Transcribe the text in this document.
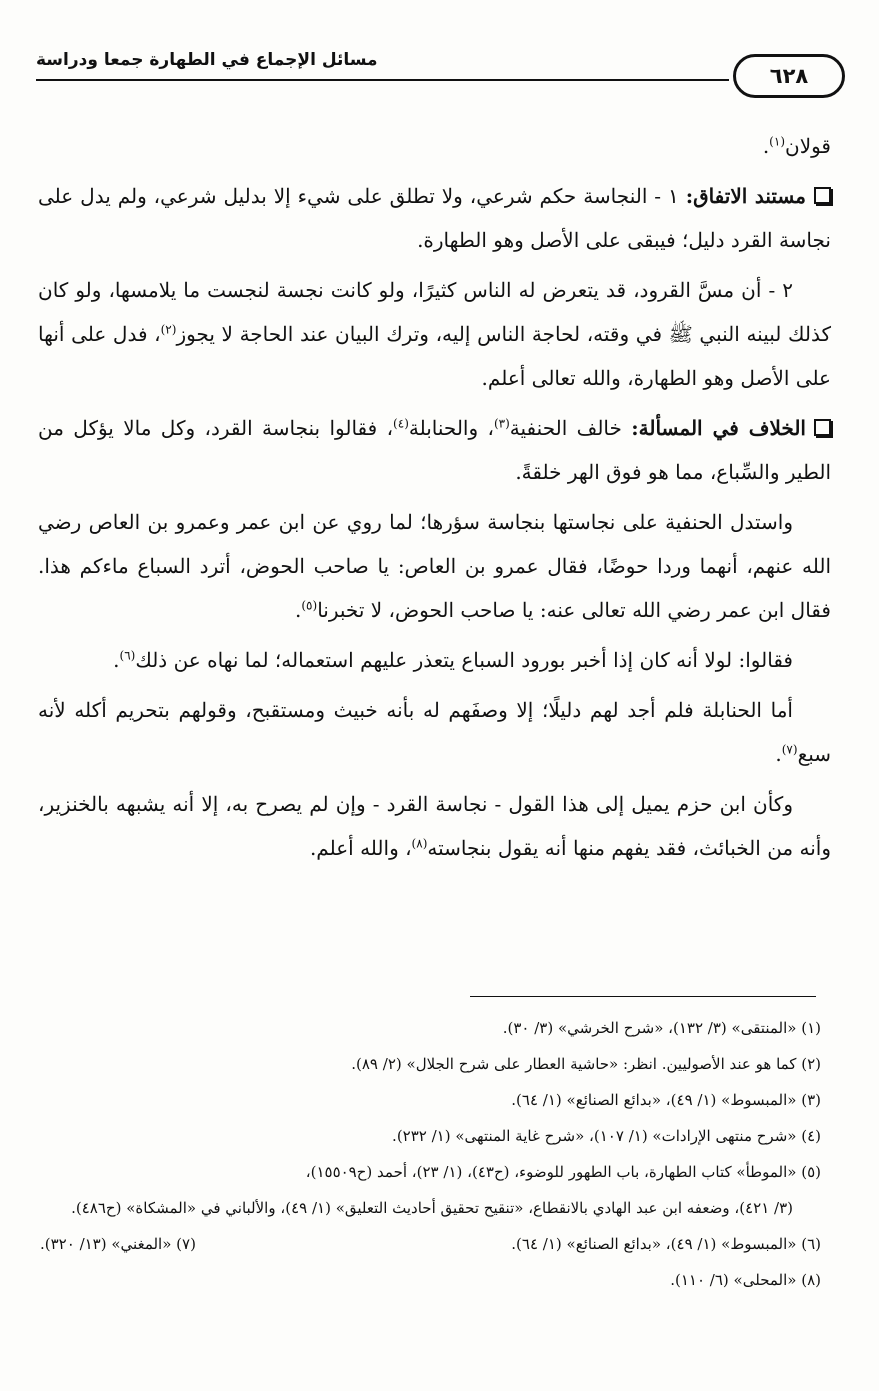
مسائل الإجماع في الطهارة جمعا ودراسة
٦٢٨

قولان$^{(١)}$.

مستند الاتفاق: ١ - النجاسة حكم شرعي، ولا تطلق على شيء إلا بدليل شرعي، ولم يدل على نجاسة القرد دليل؛ فيبقى على الأصل وهو الطهارة.

٢ - أن مسَّ القرود، قد يتعرض له الناس كثيرًا، ولو كانت نجسة لنجست ما يلامسها، ولو كان كذلك لبينه النبي ﷺ في وقته، لحاجة الناس إليه، وترك البيان عند الحاجة لا يجوز$^{(٢)}$، فدل على أنها على الأصل وهو الطهارة، والله تعالى أعلم.

الخلاف في المسألة: خالف الحنفية$^{(٣)}$، والحنابلة$^{(٤)}$، فقالوا بنجاسة القرد، وكل مالا يؤكل من الطير والسِّباع، مما هو فوق الهر خلقةً.

واستدل الحنفية على نجاستها بنجاسة سؤرها؛ لما روي عن ابن عمر وعمرو بن العاص رضي الله عنهم، أنهما وردا حوضًا، فقال عمرو بن العاص: يا صاحب الحوض، أترد السباع ماءكم هذا. فقال ابن عمر رضي الله تعالى عنه: يا صاحب الحوض، لا تخبرنا$^{(٥)}$.

فقالوا: لولا أنه كان إذا أخبر بورود السباع يتعذر عليهم استعماله؛ لما نهاه عن ذلك$^{(٦)}$.

أما الحنابلة فلم أجد لهم دليلًا؛ إلا وصفَهم له بأنه خبيث ومستقبح، وقولهم بتحريم أكله لأنه سبع$^{(٧)}$.

وكأن ابن حزم يميل إلى هذا القول - نجاسة القرد - وإن لم يصرح به، إلا أنه يشبهه بالخنزير، وأنه من الخبائث، فقد يفهم منها أنه يقول بنجاسته$^{(٨)}$، والله أعلم.

(١) «المنتقى» (٣/ ١٣٢)، «شرح الخرشي» (٣/ ٣٠).

(٢) كما هو عند الأصوليين. انظر: «حاشية العطار على شرح الجلال» (٢/ ٨٩).

(٣) «المبسوط» (١/ ٤٩)، «بدائع الصنائع» (١/ ٦٤).

(٤) «شرح منتهى الإرادات» (١/ ١٠٧)، «شرح غاية المنتهى» (١/ ٢٣٢).

(٥) «الموطأ» كتاب الطهارة، باب الطهور للوضوء، (ح٤٣)، (١/ ٢٣)، أحمد (ح١٥٥٠٩)،

(٣/ ٤٢١)، وضعفه ابن عبد الهادي بالانقطاع، «تنقيح تحقيق أحاديث التعليق» (١/ ٤٩)، والألباني في «المشكاة» (ح٤٨٦).

(٦) «المبسوط» (١/ ٤٩)، «بدائع الصنائع» (١/ ٦٤).

(٧) «المغني» (١٣/ ٣٢٠).

(٨) «المحلى» (٦/ ١١٠).
